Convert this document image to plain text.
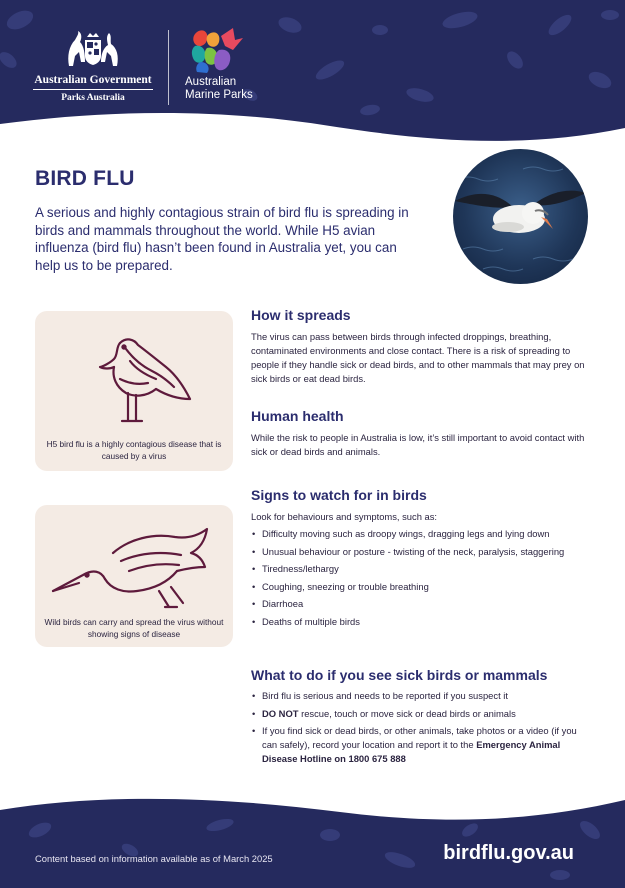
Australian Government
Parks Australia
Australian
Marine Parks
BIRD FLU

A serious and highly contagious strain of bird flu is spreading in birds and mammals throughout the world. While H5 avian influenza (bird flu) hasn’t been found in Australia yet, you can help us to be prepared.

H5 bird flu is a highly contagious disease that is caused by a virus

Wild birds can carry and spread the virus without showing signs of disease

How it spreads

The virus can pass between birds through infected droppings, breathing, contaminated environments and close contact. There is a risk of spreading to people if they handle sick or dead birds, and to other mammals that may prey on sick birds or eat dead birds.

Human health

While the risk to people in Australia is low, it’s still important to avoid contact with sick or dead birds and animals.

Signs to watch for in birds

Look for behaviours and symptoms, such as:

• Difficulty moving such as droopy wings, dragging legs and lying down
• Unusual behaviour or posture - twisting of the neck, paralysis, staggering
• Tiredness/lethargy
• Coughing, sneezing or trouble breathing
• Diarrhoea
• Deaths of multiple birds
What to do if you see sick birds or mammals
• Bird flu is serious and needs to be reported if you suspect it
• DO NOT rescue, touch or move sick or dead birds or animals
• If you find sick or dead birds, or other animals, take photos or a video (if you can safely), record your location and report it to the Emergency Animal Disease Hotline on 1800 675 888

Content based on information available as of March 2025	birdflu.gov.au
